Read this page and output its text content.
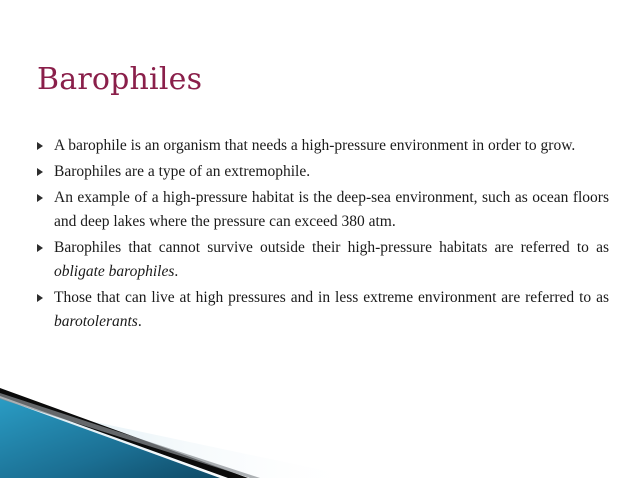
Barophiles
A barophile is an organism that needs a high-pressure environment in order to grow.
Barophiles are a type of an extremophile.
An example of a high-pressure habitat is the deep-sea environment, such as ocean floors and deep lakes where the pressure can exceed 380 atm.
Barophiles that cannot survive outside their high-pressure habitats are referred to as obligate barophiles.
Those that can live at high pressures and in less extreme environment are referred to as barotolerants.
